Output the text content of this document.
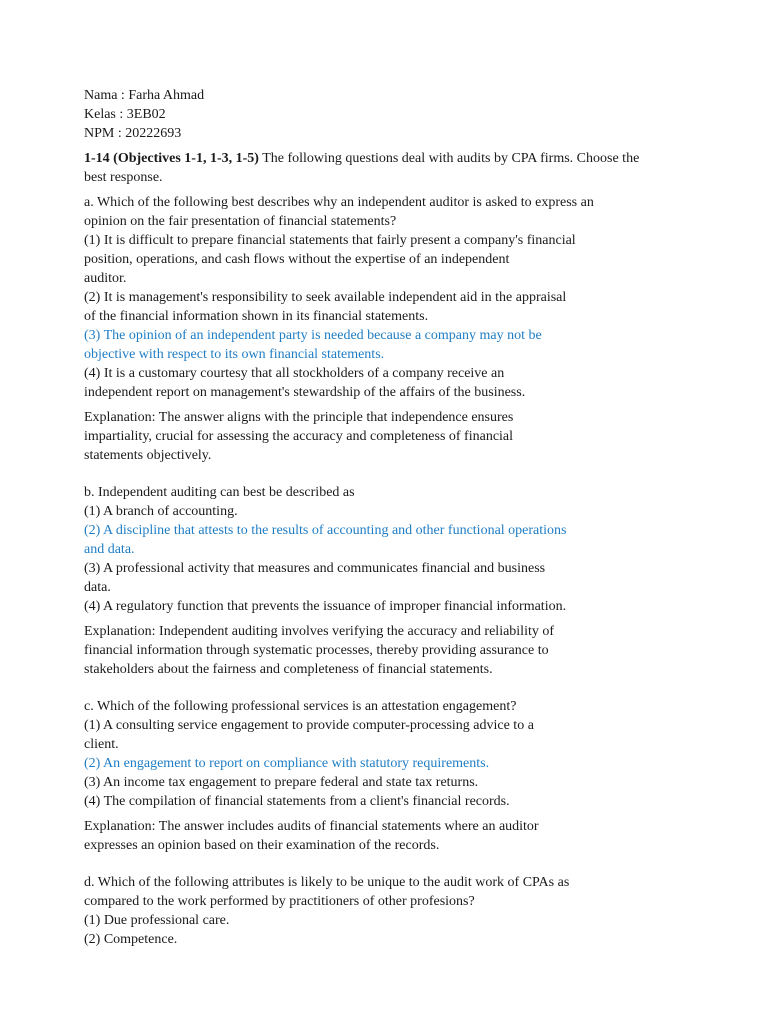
Nama : Farha Ahmad
Kelas : 3EB02
NPM : 20222693
1-14 (Objectives 1-1, 1-3, 1-5) The following questions deal with audits by CPA firms. Choose the
best response.
a. Which of the following best describes why an independent auditor is asked to express an
opinion on the fair presentation of financial statements?
(1) It is difficult to prepare financial statements that fairly present a company's financial
position, operations, and cash flows without the expertise of an independent
auditor.
(2) It is management's responsibility to seek available independent aid in the appraisal
of the financial information shown in its financial statements.
(3) The opinion of an independent party is needed because a company may not be
objective with respect to its own financial statements.
(4) It is a customary courtesy that all stockholders of a company receive an
independent report on management's stewardship of the affairs of the business.
Explanation: The answer aligns with the principle that independence ensures
impartiality, crucial for assessing the accuracy and completeness of financial
statements objectively.
b. Independent auditing can best be described as
(1) A branch of accounting.
(2) A discipline that attests to the results of accounting and other functional operations
and data.
(3) A professional activity that measures and communicates financial and business
data.
(4) A regulatory function that prevents the issuance of improper financial information.
Explanation: Independent auditing involves verifying the accuracy and reliability of
financial information through systematic processes, thereby providing assurance to
stakeholders about the fairness and completeness of financial statements.
c. Which of the following professional services is an attestation engagement?
(1) A consulting service engagement to provide computer-processing advice to a
client.
(2) An engagement to report on compliance with statutory requirements.
(3) An income tax engagement to prepare federal and state tax returns.
(4) The compilation of financial statements from a client's financial records.
Explanation: The answer includes audits of financial statements where an auditor
expresses an opinion based on their examination of the records.
d. Which of the following attributes is likely to be unique to the audit work of CPAs as
compared to the work performed by practitioners of other profesions?
(1) Due professional care.
(2) Competence.
